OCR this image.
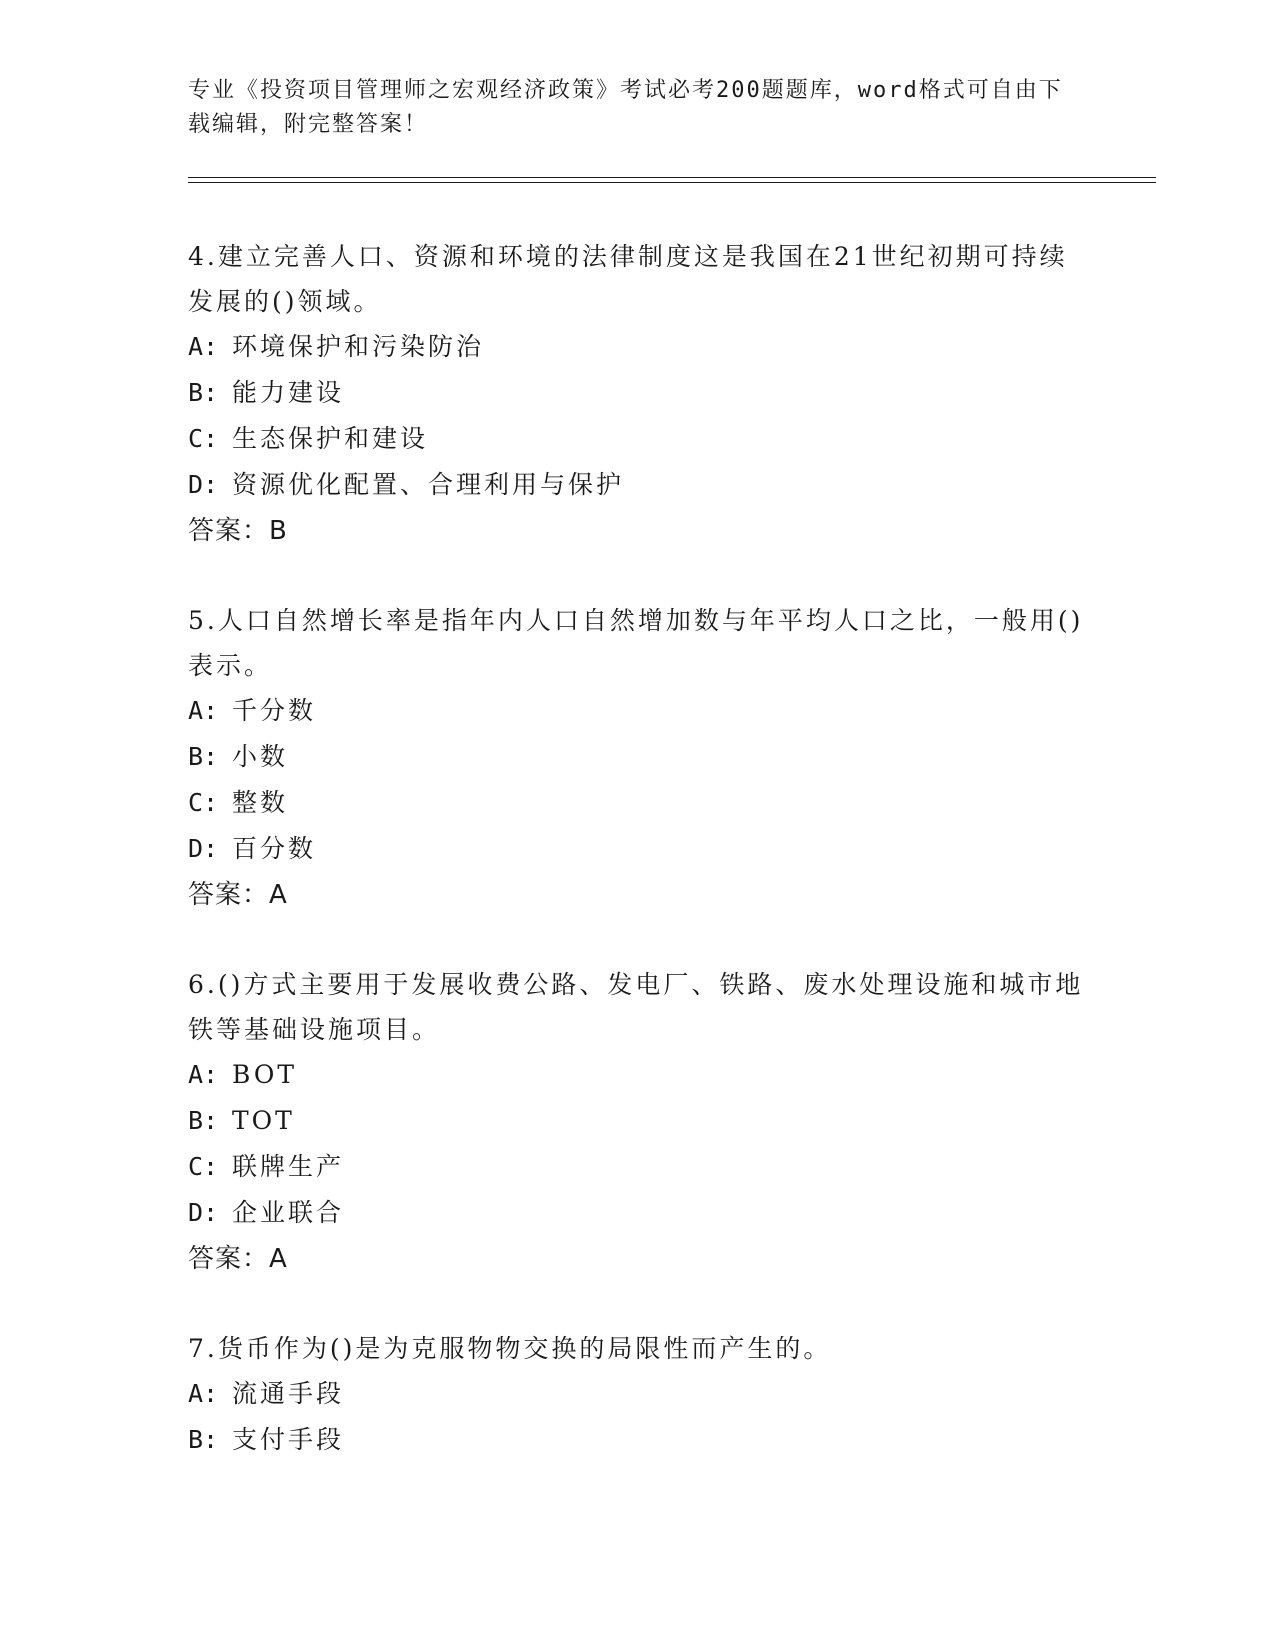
专业《投资项目管理师之宏观经济政策》考试必考200题题库，word格式可自由下载编辑，附完整答案！

4.建立完善人口、资源和环境的法律制度这是我国在21世纪初期可持续发展的()领域。

A: 环境保护和污染防治
B: 能力建设
C: 生态保护和建设
D: 资源优化配置、合理利用与保护
答案：B

5.人口自然增长率是指年内人口自然增加数与年平均人口之比，一般用()表示。

A: 千分数
B: 小数
C: 整数
D: 百分数
答案：A

6.()方式主要用于发展收费公路、发电厂、铁路、废水处理设施和城市地铁等基础设施项目。

A: BOT
B: TOT
C: 联牌生产
D: 企业联合
答案：A

7.货币作为()是为克服物物交换的局限性而产生的。

A: 流通手段
B: 支付手段
